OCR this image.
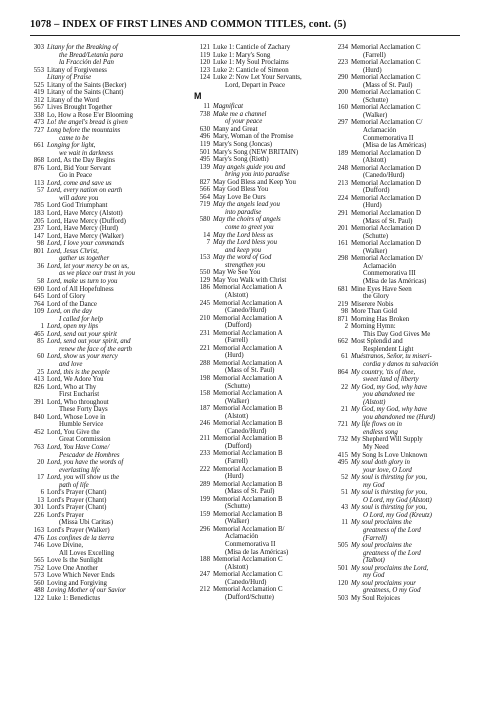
1078 – INDEX OF FIRST LINES AND COMMON TITLES, cont. (5)
303 Litany for the Breaking of
the Bread/Letanía para
la Fracción del Pan
553 Litany of Forgiveness
Litany of Praise
525 Litany of the Saints (Becker)
419 Litany of the Saints (Chant)
312 Litany of the Word
567 Lives Brought Together
338 Lo, How a Rose E'er Blooming
473 Lo! the angel's bread is given
727 Long before the mountains
came to be
661 Longing for light,
we wait in darkness
868 Lord, As the Day Begins
876 Lord, Bid Your Servant
Go in Peace
113 Lord, come and save us
57 Lord, every nation on earth
will adore you
785 Lord God Triumphant
183 Lord, Have Mercy (Alstott)
205 Lord, Have Mercy (Dufford)
237 Lord, Have Mercy (Hurd)
147 Lord, Have Mercy (Walker)
98 Lord, I love your commands
801 Lord, Jesus Christ,
gather us together
36 Lord, let your mercy be on us,
as we place our trust in you
58 Lord, make us turn to you
690 Lord of All Hopefulness
645 Lord of Glory
764 Lord of the Dance
109 Lord, on the day
I called for help
1 Lord, open my lips
465 Lord, send out your spirit
85 Lord, send out your spirit, and
renew the face of the earth
60 Lord, show us your mercy
and love
25 Lord, this is the people
413 Lord, We Adore You
826 Lord, Who at Thy
First Eucharist
391 Lord, Who throughout
These Forty Days
840 Lord, Whose Love in
Humble Service
452 Lord, You Give the
Great Commission
763 Lord, You Have Come/
Pescador de Hombres
20 Lord, you have the words of
everlasting life
17 Lord, you will show us the
path of life
6 Lord's Prayer (Chant)
13 Lord's Prayer (Chant)
301 Lord's Prayer (Chant)
226 Lord's Prayer
(Missa Ubi Caritas)
163 Lord's Prayer (Walker)
476 Los confines de la tierra
746 Love Divine,
All Loves Excelling
565 Love Is the Sunlight
752 Love One Another
573 Love Which Never Ends
560 Loving and Forgiving
488 Loving Mother of our Savior
122 Luke 1: Benedictus
121 Luke 1: Canticle of Zachary
119 Luke 1: Mary's Song
120 Luke 1: My Soul Proclaims
123 Luke 2: Canticle of Simeon
124 Luke 2: Now Let Your Servants,
Lord, Depart in Peace
M
11 Magnificat
738 Make me a channel
of your peace
630 Many and Great
496 Mary, Woman of the Promise
119 Mary's Song (Joncas)
501 Mary's Song (NEW BRITAIN)
495 Mary's Song (Rieth)
139 May angels guide you and
bring you into paradise
827 May God Bless and Keep You
566 May God Bless You
564 May Love Be Ours
719 May the angels lead you
into paradise
580 May the choirs of angels
come to greet you
14 May the Lord bless us
7 May the Lord bless you
and keep you
153 May the word of God
strengthen you
550 May We See You
129 May You Walk with Christ
186 Memorial Acclamation A
(Alstott)
245 Memorial Acclamation A
(Canedo/Hurd)
210 Memorial Acclamation A
(Dufford)
231 Memorial Acclamation A
(Farrell)
221 Memorial Acclamation A
(Hurd)
288 Memorial Acclamation A
(Mass of St. Paul)
198 Memorial Acclamation A
(Schutte)
158 Memorial Acclamation A
(Walker)
187 Memorial Acclamation B
(Alstott)
246 Memorial Acclamation B
(Canedo/Hurd)
211 Memorial Acclamation B
(Dufford)
233 Memorial Acclamation B
(Farrell)
222 Memorial Acclamation B
(Hurd)
289 Memorial Acclamation B
(Mass of St. Paul)
199 Memorial Acclamation B
(Schutte)
159 Memorial Acclamation B
(Walker)
296 Memorial Acclamation B/
Aclamación
Conmemorativa II
(Misa de las Américas)
188 Memorial Acclamation C
(Alstott)
247 Memorial Acclamation C
(Canedo/Hurd)
212 Memorial Acclamation C
(Dufford/Schutte)
234 Memorial Acclamation C
(Farrell)
223 Memorial Acclamation C
(Hurd)
290 Memorial Acclamation C
(Mass of St. Paul)
200 Memorial Acclamation C
(Schutte)
160 Memorial Acclamation C
(Walker)
297 Memorial Acclamation C/
Aclamación
Conmemorativa II
(Misa de las Américas)
189 Memorial Acclamation D
(Alstott)
248 Memorial Acclamation D
(Canedo/Hurd)
213 Memorial Acclamation D
(Dufford)
224 Memorial Acclamation D
(Hurd)
291 Memorial Acclamation D
(Mass of St. Paul)
201 Memorial Acclamation D
(Schutte)
161 Memorial Acclamation D
(Walker)
298 Memorial Acclamation D/
Aclamación
Conmemorativa III
(Misa de las Américas)
681 Mine Eyes Have Seen
the Glory
219 Miserere Nobis
98 More Than Gold
871 Morning Has Broken
2 Morning Hymn:
This Day God Gives Me
662 Most Splendid and
Resplendent Light
61 Muéstranos, Señor, tu miseri-
cordia y danos tu salvación
864 My country, 'tis of thee,
sweet land of liberty
22 My God, my God, why have
you abandoned me
(Alstott)
21 My God, my God, why have
you abandoned me (Hurd)
721 My life flows on in
endless song
732 My Shepherd Will Supply
My Need
415 My Song Is Love Unknown
495 My soul doth glory in
your love, O Lord
52 My soul is thirsting for you,
my God
51 My soul is thirsting for you,
O Lord, my God (Alstott)
43 My soul is thirsting for you,
O Lord, my God (Kreutz)
11 My soul proclaims the
greatness of the Lord
(Farrell)
505 My soul proclaims the
greatness of the Lord
(Talbot)
501 My soul proclaims the Lord,
my God
120 My soul proclaims your
greatness, O my God
503 My Soul Rejoices
